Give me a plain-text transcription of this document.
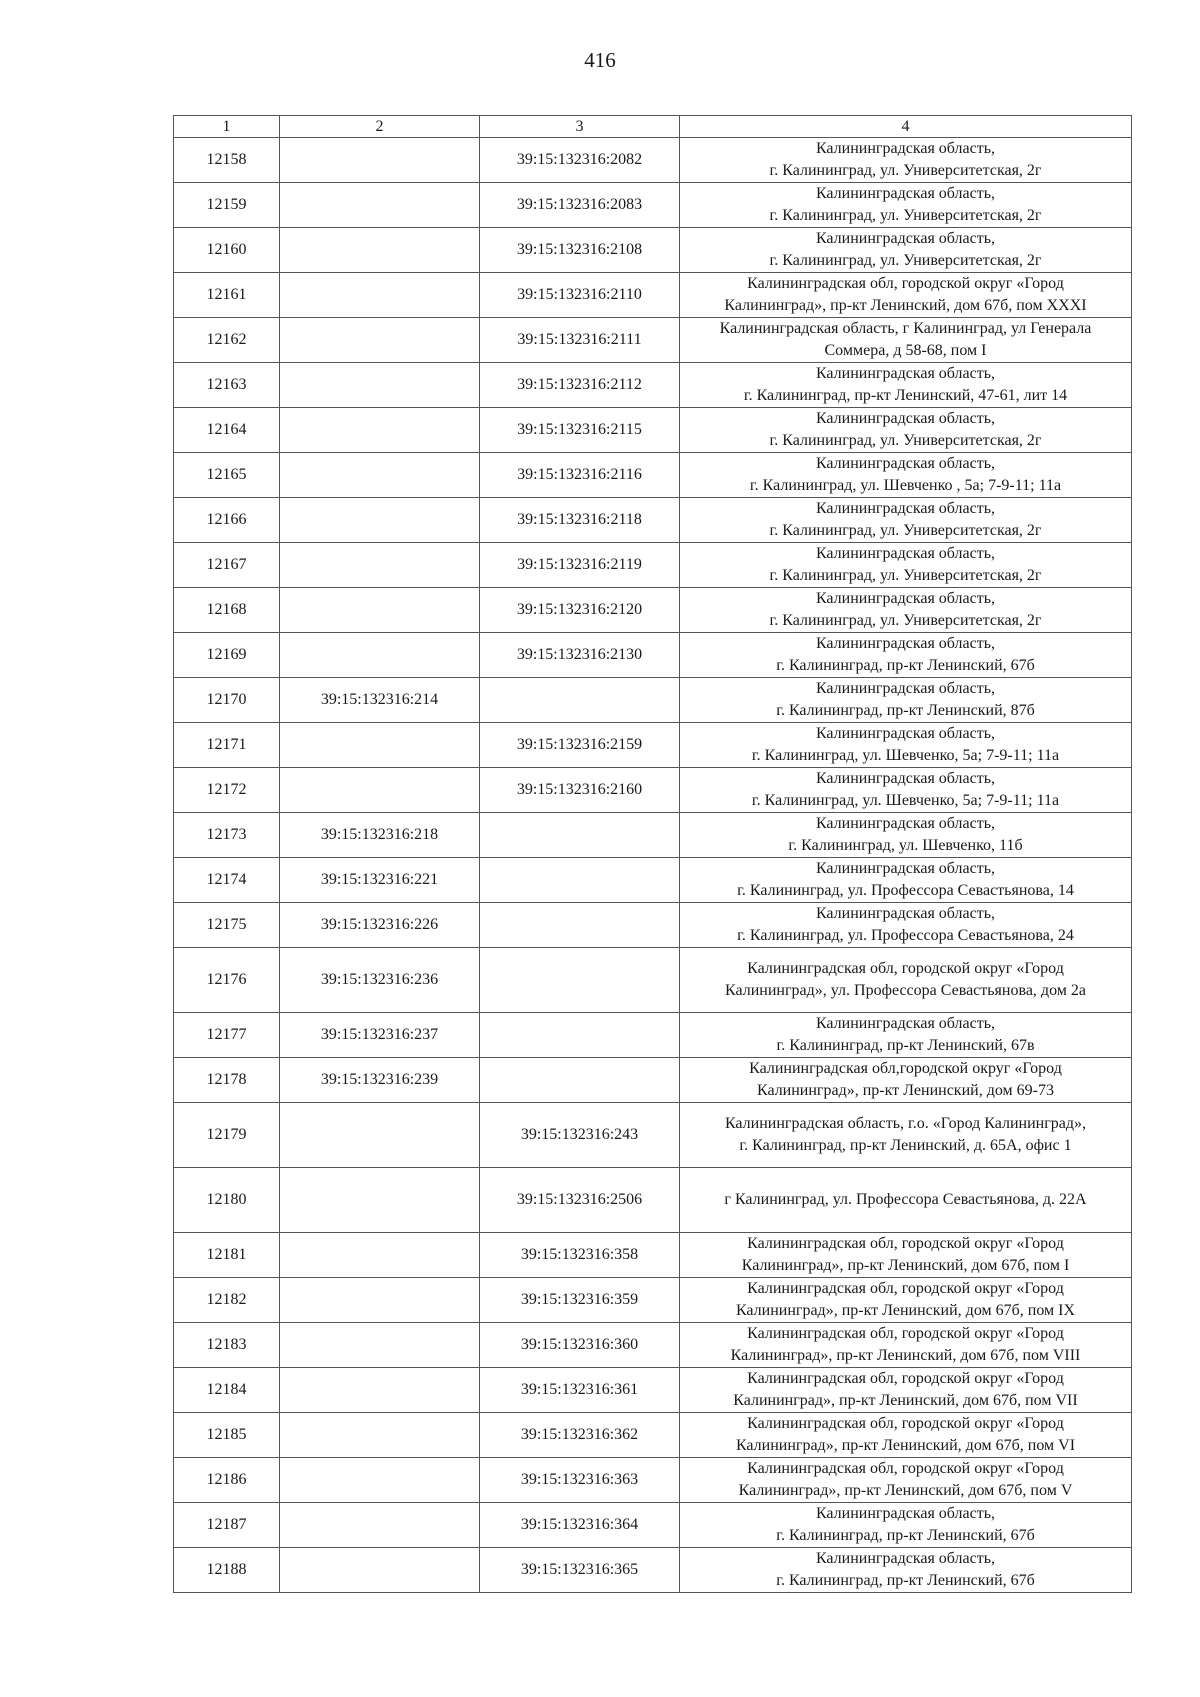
416
1	2	3	4
12158		39:15:132316:2082	Калининградская область,
г. Калининград, ул. Университетская, 2г

12159		39:15:132316:2083	Калининградская область,
г. Калининград, ул. Университетская, 2г

12160		39:15:132316:2108	Калининградская область,
г. Калининград, ул. Университетская, 2г

12161		39:15:132316:2110	Калининградская обл, городской округ «Город
Калининград», пр-кт Ленинский, дом 67б, пом XXXI

12162		39:15:132316:2111	Калининградская область, г Калининград, ул Генерала
Соммера, д 58-68, пом I

12163		39:15:132316:2112	Калининградская область,
г. Калининград, пр-кт Ленинский, 47-61, лит 14

12164		39:15:132316:2115	Калининградская область,
г. Калининград, ул. Университетская, 2г

12165		39:15:132316:2116	Калининградская область,
г. Калининград, ул. Шевченко , 5а; 7-9-11; 11а

12166		39:15:132316:2118	Калининградская область,
г. Калининград, ул. Университетская, 2г

12167		39:15:132316:2119	Калининградская область,
г. Калининград, ул. Университетская, 2г

12168		39:15:132316:2120	Калининградская область,
г. Калининград, ул. Университетская, 2г

12169		39:15:132316:2130	Калининградская область,
г. Калининград, пр-кт Ленинский, 67б

12170	39:15:132316:214		Калининградская область,
г. Калининград, пр-кт Ленинский, 87б

12171		39:15:132316:2159	Калининградская область,
г. Калининград, ул. Шевченко, 5а; 7-9-11; 11а

12172		39:15:132316:2160	Калининградская область,
г. Калининград, ул. Шевченко, 5а; 7-9-11; 11а

12173	39:15:132316:218		Калининградская область,
г. Калининград, ул. Шевченко, 11б

12174	39:15:132316:221		Калининградская область,
г. Калининград, ул. Профессора Севастьянова, 14

12175	39:15:132316:226		Калининградская область,
г. Калининград, ул. Профессора Севастьянова, 24

12176	39:15:132316:236		Калининградская обл, городской округ «Город
Калининград», ул. Профессора Севастьянова, дом 2а

12177	39:15:132316:237		Калининградская область,
г. Калининград, пр-кт Ленинский, 67в

12178	39:15:132316:239		Калининградская обл,городской округ «Город
Калининград», пр-кт Ленинский, дом 69-73

12179		39:15:132316:243	Калининградская область, г.о. «Город Калининград»,
г. Калининград, пр-кт Ленинский, д. 65А, офис 1

12180		39:15:132316:2506	г Калининград, ул. Профессора Севастьянова, д. 22А

12181		39:15:132316:358	Калининградская обл, городской округ «Город
Калининград», пр-кт Ленинский, дом 67б, пом I

12182		39:15:132316:359	Калининградская обл, городской округ «Город
Калининград», пр-кт Ленинский, дом 67б, пом IX

12183		39:15:132316:360	Калининградская обл, городской округ «Город
Калининград», пр-кт Ленинский, дом 67б, пом VIII

12184		39:15:132316:361	Калининградская обл, городской округ «Город
Калининград», пр-кт Ленинский, дом 67б, пом VII

12185		39:15:132316:362	Калининградская обл, городской округ «Город
Калининград», пр-кт Ленинский, дом 67б, пом VI

12186		39:15:132316:363	Калининградская обл, городской округ «Город
Калининград», пр-кт Ленинский, дом 67б, пом V

12187		39:15:132316:364	Калининградская область,
г. Калининград, пр-кт Ленинский, 67б

12188		39:15:132316:365	Калининградская область,
г. Калининград, пр-кт Ленинский, 67б
